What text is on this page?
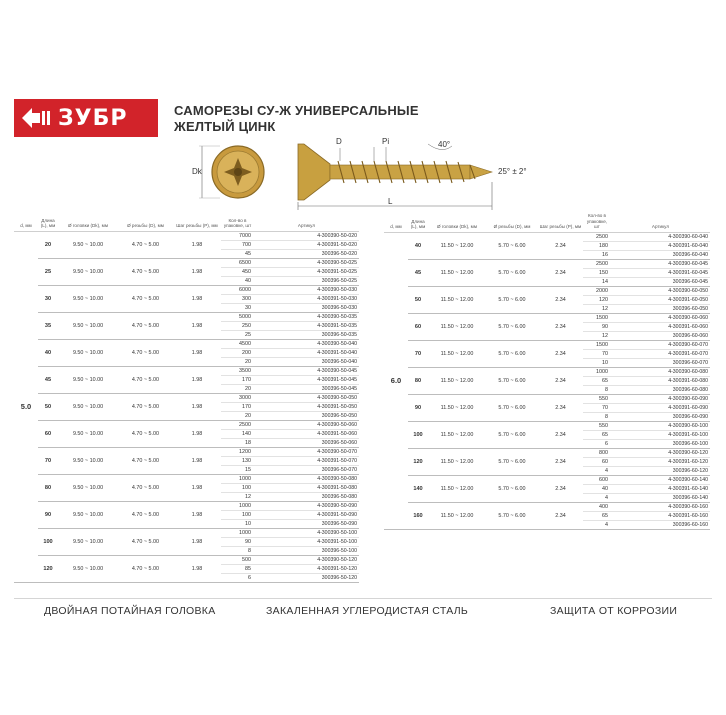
ЗУБР	САМОРЕЗЫ СУ-Ж УНИВЕРСАЛЬНЫЕ
ЖЕЛТЫЙ ЦИНК
Dk
D	Pi	40°
25° ± 2°
L
d, мм	Длина (L), мм	Ø головки (Dk), мм	Ø резьбы (D), мм	Шаг резьбы (P), мм	Кол-во в упаковке, шт	Артикул
5.0	20	9.50 ~ 10.00	4.70 ~ 5.00	1.98	7000	4-300390-50-020
					700	4-300391-50-020
					45	300396-50-020
	25	9.50 ~ 10.00	4.70 ~ 5.00	1.98	6500	4-300390-50-025
					450	4-300391-50-025
					40	300396-50-025
	30	9.50 ~ 10.00	4.70 ~ 5.00	1.98	6000	4-300390-50-030
					300	4-300391-50-030
					30	300396-50-030
	35	9.50 ~ 10.00	4.70 ~ 5.00	1.98	5000	4-300390-50-035
					250	4-300391-50-035
					25	300396-50-035
	40	9.50 ~ 10.00	4.70 ~ 5.00	1.98	4500	4-300390-50-040
					200	4-300391-50-040
					20	300396-50-040
	45	9.50 ~ 10.00	4.70 ~ 5.00	1.98	3500	4-300390-50-045
					170	4-300391-50-045
					20	300396-50-045
	50	9.50 ~ 10.00	4.70 ~ 5.00	1.98	3000	4-300390-50-050
					170	4-300391-50-050
					20	300396-50-050
	60	9.50 ~ 10.00	4.70 ~ 5.00	1.98	2500	4-300390-50-060
					140	4-300391-50-060
					18	300396-50-060
	70	9.50 ~ 10.00	4.70 ~ 5.00	1.98	1200	4-300390-50-070
					130	4-300391-50-070
					15	300396-50-070
	80	9.50 ~ 10.00	4.70 ~ 5.00	1.98	1000	4-300390-50-080
					100	4-300391-50-080
					12	300396-50-080
	90	9.50 ~ 10.00	4.70 ~ 5.00	1.98	1000	4-300390-50-090
					100	4-300391-50-090
					10	300396-50-090
	100	9.50 ~ 10.00	4.70 ~ 5.00	1.98	1000	4-300390-50-100
					90	4-300391-50-100
					8	300396-50-100
	120	9.50 ~ 10.00	4.70 ~ 5.00	1.98	500	4-300390-50-120
					85	4-300391-50-120
					6	300396-50-120
d, мм	Длина (L), мм	Ø головки (Dk), мм	Ø резьбы (D), мм	Шаг резьбы (P), мм	Кол-во в упаковке, шт	Артикул
6.0	40	11.50 ~ 12.00	5.70 ~ 6.00	2.34	2500	4-300390-60-040
					180	4-300391-60-040
					16	300396-60-040
	45	11.50 ~ 12.00	5.70 ~ 6.00	2.34	2500	4-300390-60-045
					150	4-300391-60-045
					14	300396-60-045
	50	11.50 ~ 12.00	5.70 ~ 6.00	2.34	2000	4-300390-60-050
					120	4-300391-60-050
					12	300396-60-050
	60	11.50 ~ 12.00	5.70 ~ 6.00	2.34	1500	4-300390-60-060
					90	4-300391-60-060
					12	300396-60-060
	70	11.50 ~ 12.00	5.70 ~ 6.00	2.34	1500	4-300390-60-070
					70	4-300391-60-070
					10	300396-60-070
	80	11.50 ~ 12.00	5.70 ~ 6.00	2.34	1000	4-300390-60-080
					65	4-300391-60-080
					8	300396-60-080
	90	11.50 ~ 12.00	5.70 ~ 6.00	2.34	550	4-300390-60-090
					70	4-300391-60-090
					8	300396-60-090
	100	11.50 ~ 12.00	5.70 ~ 6.00	2.34	550	4-300390-60-100
					65	4-300391-60-100
					6	300396-60-100
	120	11.50 ~ 12.00	5.70 ~ 6.00	2.34	800	4-300390-60-120
					60	4-300391-60-120
					4	300396-60-120
	140	11.50 ~ 12.00	5.70 ~ 6.00	2.34	600	4-300390-60-140
					40	4-300391-60-140
					4	300396-60-140
	160	11.50 ~ 12.00	5.70 ~ 6.00	2.34	400	4-300390-60-160
					65	4-300391-60-160
					4	300396-60-160
ДВОЙНАЯ ПОТАЙНАЯ ГОЛОВКА	ЗАКАЛЕННАЯ УГЛЕРОДИСТАЯ СТАЛЬ	ЗАЩИТА ОТ КОРРОЗИИ
